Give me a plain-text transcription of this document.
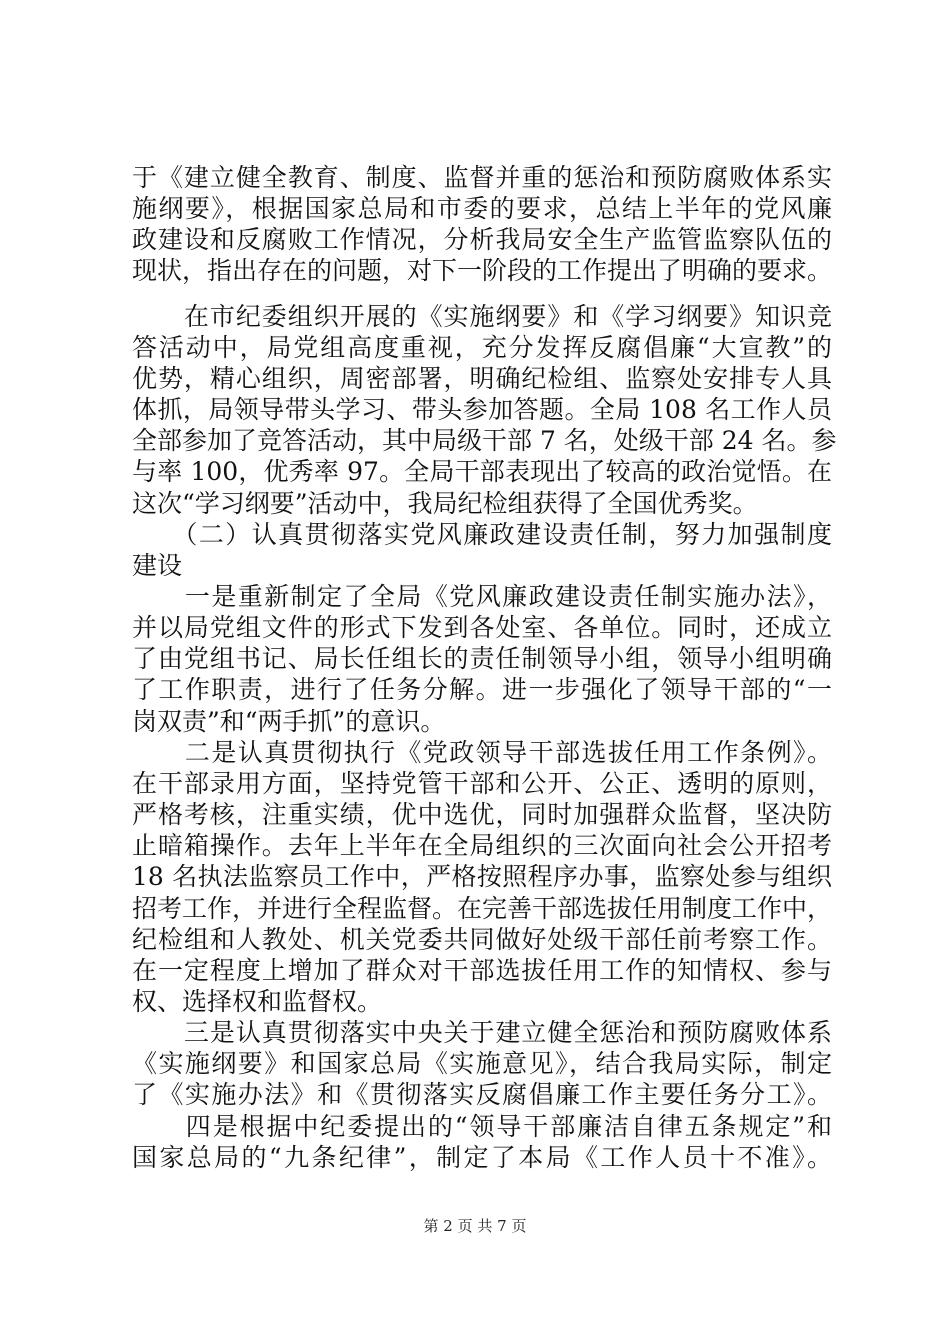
于《建立健全教育、制度、监督并重的惩治和预防腐败体系实
施纲要》，根据国家总局和市委的要求，总结上半年的党风廉
政建设和反腐败工作情况，分析我局安全生产监管监察队伍的
现状，指出存在的问题，对下一阶段的工作提出了明确的要求。
　　在市纪委组织开展的《实施纲要》和《学习纲要》知识竞
答活动中，局党组高度重视，充分发挥反腐倡廉“大宣教”的
优势，精心组织，周密部署，明确纪检组、监察处安排专人具
体抓，局领导带头学习、带头参加答题。全局 108 名工作人员
全部参加了竞答活动，其中局级干部 7 名，处级干部 24 名。参
与率 100，优秀率 97。全局干部表现出了较高的政治觉悟。在
这次“学习纲要”活动中，我局纪检组获得了全国优秀奖。
　　（二）认真贯彻落实党风廉政建设责任制，努力加强制度
建设
　　一是重新制定了全局《党风廉政建设责任制实施办法》，
并以局党组文件的形式下发到各处室、各单位。同时，还成立
了由党组书记、局长任组长的责任制领导小组，领导小组明确
了工作职责，进行了任务分解。进一步强化了领导干部的“一
岗双责”和“两手抓”的意识。
　　二是认真贯彻执行《党政领导干部选拔任用工作条例》。
在干部录用方面，坚持党管干部和公开、公正、透明的原则，
严格考核，注重实绩，优中选优，同时加强群众监督，坚决防
止暗箱操作。去年上半年在全局组织的三次面向社会公开招考
18 名执法监察员工作中，严格按照程序办事，监察处参与组织
招考工作，并进行全程监督。在完善干部选拔任用制度工作中，
纪检组和人教处、机关党委共同做好处级干部任前考察工作。
在一定程度上增加了群众对干部选拔任用工作的知情权、参与
权、选择权和监督权。
　　三是认真贯彻落实中央关于建立健全惩治和预防腐败体系
《实施纲要》和国家总局《实施意见》，结合我局实际，制定
了《实施办法》和《贯彻落实反腐倡廉工作主要任务分工》。
　　四是根据中纪委提出的“领导干部廉洁自律五条规定”和
国家总局的“九条纪律”，制定了本局《工作人员十不准》。
第 2 页 共 7 页
